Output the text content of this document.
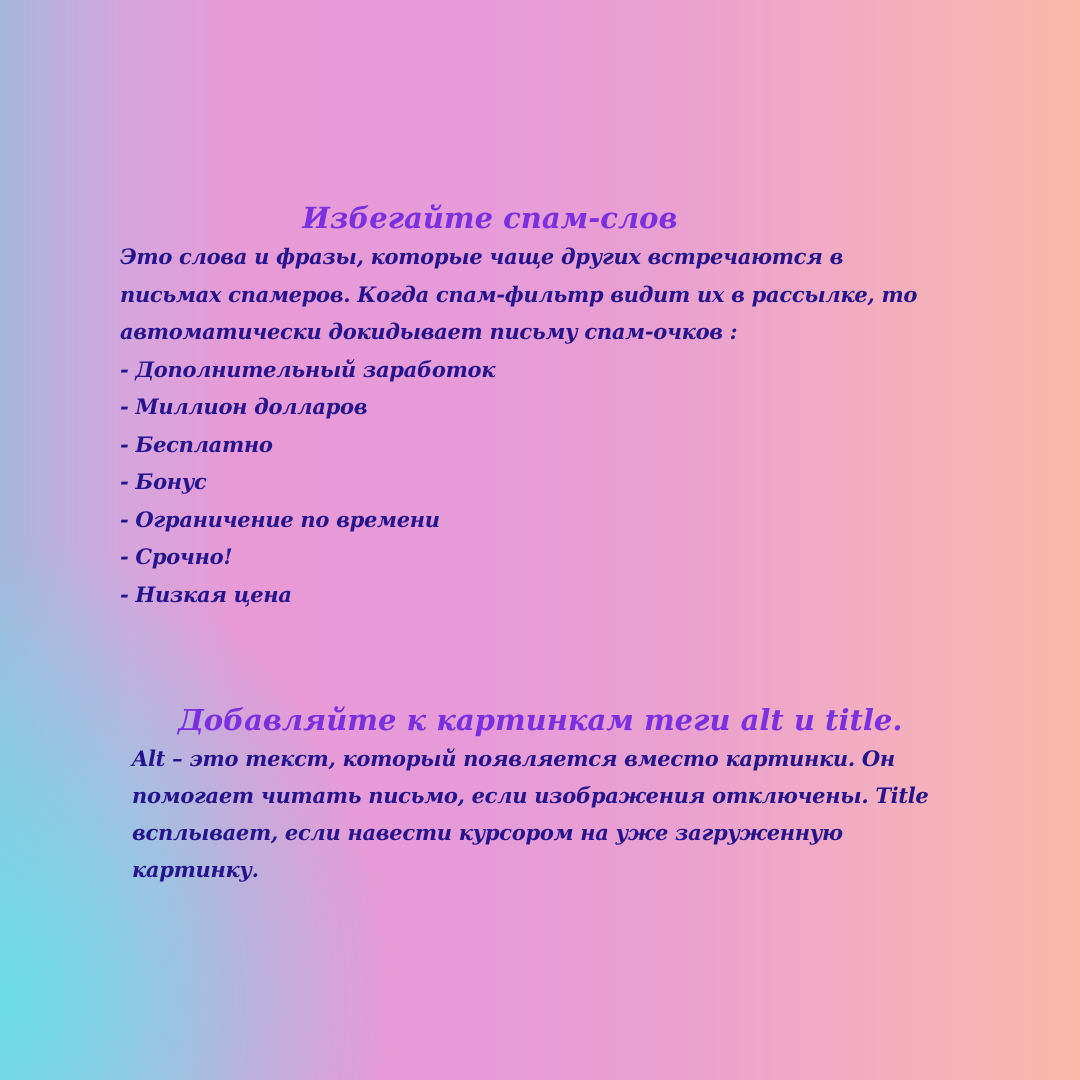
Избегайте спам-слов
Это слова и фразы, которые чаще других встречаются в
письмах спамеров. Когда спам-фильтр видит их в рассылке, то
автоматически докидывает письму спам-очков :
- Дополнительный заработок
- Миллион долларов
- Бесплатно
- Бонус
- Ограничение по времени
- Срочно!
- Низкая цена
Добавляйте к картинкам теги alt и title.
Alt – это текст, который появляется вместо картинки. Он
помогает читать письмо, если изображения отключены. Title
всплывает, если навести курсором на уже загруженную
картинку.
